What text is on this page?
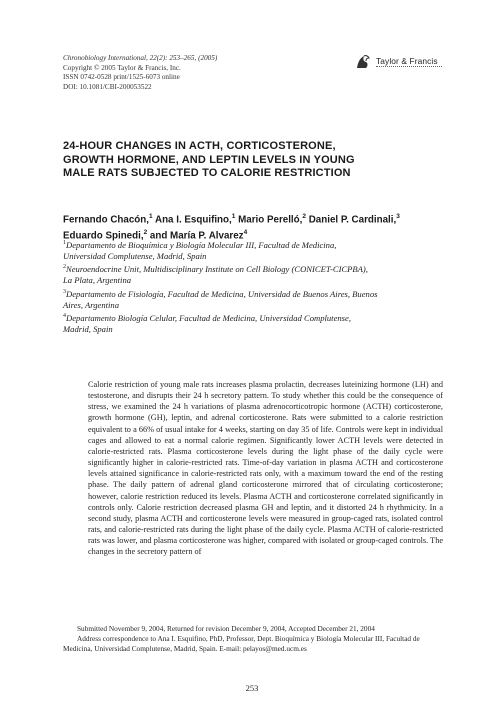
Chronobiology International, 22(2): 253–265, (2005)
Copyright © 2005 Taylor & Francis, Inc.
ISSN 0742-0528 print/1525-6073 online
DOI: 10.1081/CBI-200053522
Taylor & Francis
24-HOUR CHANGES IN ACTH, CORTICOSTERONE,
GROWTH HORMONE, AND LEPTIN LEVELS IN YOUNG
MALE RATS SUBJECTED TO CALORIE RESTRICTION
Fernando Chacón,$^1$ Ana I. Esquifino,$^1$ Mario Perelló,$^2$ Daniel P. Cardinali,$^3$
Eduardo Spinedi,$^2$ and María P. Alvarez$^4$
$^1$Departamento de Bioquímica y Biología Molecular III, Facultad de Medicina,
Universidad Complutense, Madrid, Spain
$^2$Neuroendocrine Unit, Multidisciplinary Institute on Cell Biology (CONICET-CICPBA),
La Plata, Argentina
$^3$Departamento de Fisiología, Facultad de Medicina, Universidad de Buenos Aires, Buenos
Aires, Argentina
$^4$Departamento Biología Celular, Facultad de Medicina, Universidad Complutense,
Madrid, Spain
Calorie restriction of young male rats increases plasma prolactin, decreases luteinizing hormone (LH) and testosterone, and disrupts their 24 h secretory pattern. To study whether this could be the consequence of stress, we examined the 24 h variations of plasma adrenocorticotropic hormone (ACTH) corticosterone, growth hormone (GH), leptin, and adrenal corticosterone. Rats were submitted to a calorie restriction equivalent to a 66% of usual intake for 4 weeks, starting on day 35 of life. Controls were kept in individual cages and allowed to eat a normal calorie regimen. Significantly lower ACTH levels were detected in calorie-restricted rats. Plasma corticosterone levels during the light phase of the daily cycle were significantly higher in calorie-restricted rats. Time-of-day variation in plasma ACTH and corticosterone levels attained significance in calorie-restricted rats only, with a maximum toward the end of the resting phase. The daily pattern of adrenal gland corticosterone mirrored that of circulating corticosterone; however, calorie restriction reduced its levels. Plasma ACTH and corticosterone correlated significantly in controls only. Calorie restriction decreased plasma GH and leptin, and it distorted 24 h rhythmicity. In a second study, plasma ACTH and corticosterone levels were measured in group-caged rats, isolated control rats, and calorie-restricted rats during the light phase of the daily cycle. Plasma ACTH of calorie-restricted rats was lower, and plasma corticosterone was higher, compared with isolated or group-caged controls. The changes in the secretory pattern of

Submitted November 9, 2004, Returned for revision December 9, 2004, Accepted December 21, 2004

Address correspondence to Ana I. Esquifino, PhD, Professor, Dept. Bioquímica y Biología Molecular III, Facultad de Medicina, Universidad Complutense, Madrid, Spain. E-mail: pelayos@med.ucm.es

253
